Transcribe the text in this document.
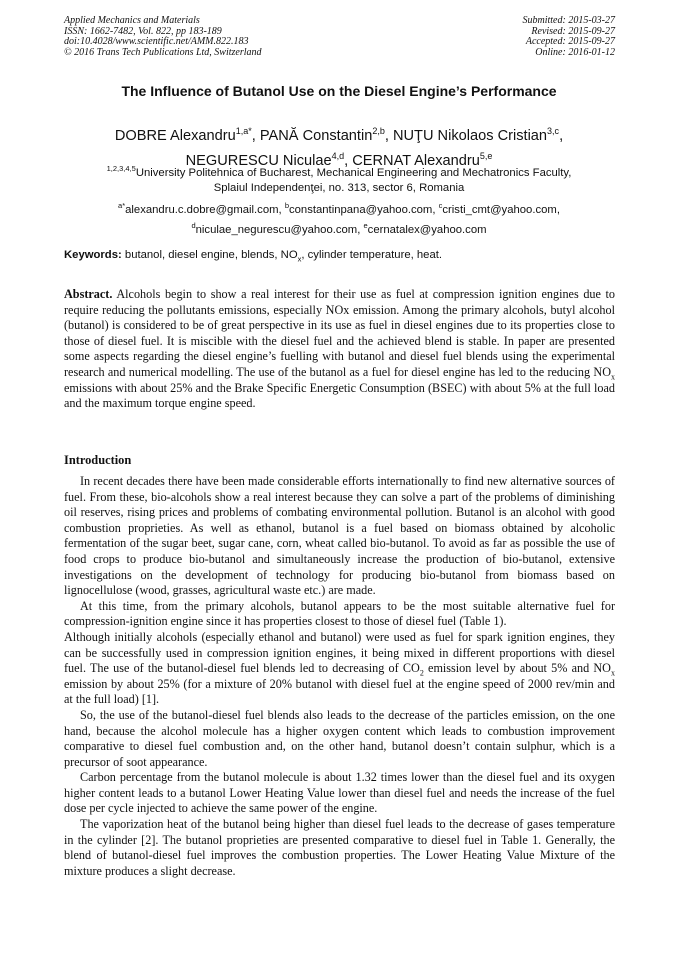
Applied Mechanics and Materials
ISSN: 1662-7482, Vol. 822, pp 183-189
doi:10.4028/www.scientific.net/AMM.822.183
© 2016 Trans Tech Publications Ltd, Switzerland
Submitted: 2015-03-27
Revised: 2015-09-27
Accepted: 2015-09-27
Online: 2016-01-12
The Influence of Butanol Use on the Diesel Engine’s Performance
DOBRE Alexandru$^{1,a*}$, PANĂ Constantin$^{2,b}$, NUŢU Nikolaos Cristian$^{3,c}$,
NEGURESCU Niculae$^{4,d}$, CERNAT Alexandru$^{5,e}$
$^{1,2,3,4,5}$University Politehnica of Bucharest, Mechanical Engineering and Mechatronics Faculty,
Splaiul Independenţei, no. 313, sector 6, Romania
$^{a*}$alexandru.c.dobre@gmail.com, $^b$constantinpana@yahoo.com, $^c$cristi_cmt@yahoo.com,
$^d$niculae_negurescu@yahoo.com, $^e$cernatalex@yahoo.com
Keywords: butanol, diesel engine, blends, $NO_x$, cylinder temperature, heat.
Abstract. Alcohols begin to show a real interest for their use as fuel at compression ignition engines due to require reducing the pollutants emissions, especially NOx emission. Among the primary alcohols, butyl alcohol (butanol) is considered to be of great perspective in its use as fuel in diesel engines due to its properties close to those of diesel fuel. It is miscible with the diesel fuel and the achieved blend is stable. In paper are presented some aspects regarding the diesel engine’s fuelling with butanol and diesel fuel blends using the experimental research and numerical modelling. The use of the butanol as a fuel for diesel engine has led to the reducing $NO_x$ emissions with about 25% and the Brake Specific Energetic Consumption (BSEC) with about 5% at the full load and the maximum torque engine speed.
Introduction

In recent decades there have been made considerable efforts internationally to find new alternative sources of fuel. From these, bio-alcohols show a real interest because they can solve a part of the problems of diminishing oil reserves, rising prices and problems of combating environmental pollution. Butanol is an alcohol with good combustion proprieties. As well as ethanol, butanol is a fuel based on biomass obtained by alcoholic fermentation of the sugar beet, sugar cane, corn, wheat called bio-butanol. To avoid as far as possible the use of food crops to produce bio-butanol and simultaneously increase the production of bio-butanol, extensive investigations on the development of technology for producing bio-butanol from biomass based on lignocellulose (wood, grasses, agricultural waste etc.) are made.

At this time, from the primary alcohols, butanol appears to be the most suitable alternative fuel for compression-ignition engine since it has properties closest to those of diesel fuel (Table 1).

Although initially alcohols (especially ethanol and butanol) were used as fuel for spark ignition engines, they can be successfully used in compression ignition engines, it being mixed in different proportions with diesel fuel. The use of the butanol-diesel fuel blends led to decreasing of $CO_2$ emission level by about 5% and $NO_x$ emission by about 25% (for a mixture of 20% butanol with diesel fuel at the engine speed of 2000 rev/min and at the full load) [1].

So, the use of the butanol-diesel fuel blends also leads to the decrease of the particles emission, on the one hand, because the alcohol molecule has a higher oxygen content which leads to combustion improvement comparative to diesel fuel combustion and, on the other hand, butanol doesn’t contain sulphur, which is a precursor of soot appearance.

Carbon percentage from the butanol molecule is about 1.32 times lower than the diesel fuel and its oxygen higher content leads to a butanol Lower Heating Value lower than diesel fuel and needs the increase of the fuel dose per cycle injected to achieve the same power of the engine.

The vaporization heat of the butanol being higher than diesel fuel leads to the decrease of gases temperature in the cylinder [2]. The butanol proprieties are presented comparative to diesel fuel in Table 1. Generally, the blend of butanol-diesel fuel improves the combustion properties. The Lower Heating Value Mixture of the mixture produces a slight decrease.
